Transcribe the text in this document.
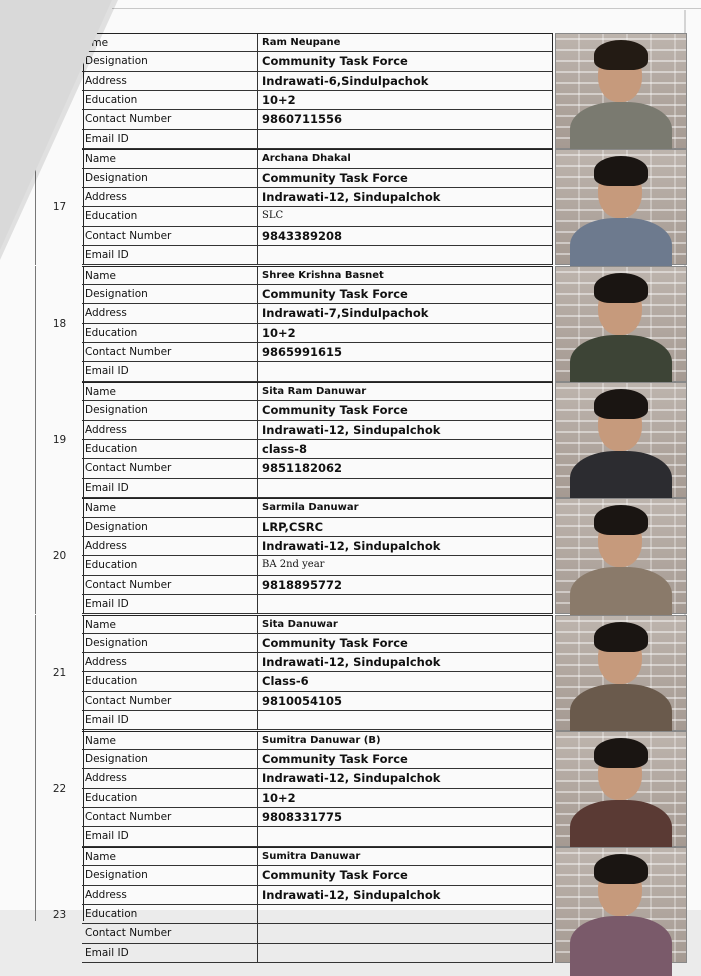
ame	Ram Neupane
Designation	Community Task Force
Address	Indrawati-6,Sindulpachok
Education	10+2
Contact Number	9860711556
Email ID
17
Name	Archana Dhakal
Designation	Community Task Force
Address	Indrawati-12, Sindupalchok
Education	SLC
Contact Number	9843389208
Email ID
18
Name	Shree Krishna Basnet
Designation	Community Task Force
Address	Indrawati-7,Sindulpachok
Education	10+2
Contact Number	9865991615
Email ID
19
Name	Sita Ram Danuwar
Designation	Community Task Force
Address	Indrawati-12, Sindupalchok
Education	class-8
Contact Number	9851182062
Email ID
20
Name	Sarmila Danuwar
Designation	LRP,CSRC
Address	Indrawati-12, Sindupalchok
Education	BA 2nd year
Contact Number	9818895772
Email ID
21
Name	Sita Danuwar
Designation	Community Task Force
Address	Indrawati-12, Sindupalchok
Education	Class-6
Contact Number	9810054105
Email ID
22
Name	Sumitra Danuwar (B)
Designation	Community Task Force
Address	Indrawati-12, Sindupalchok
Education	10+2
Contact Number	9808331775
Email ID
23
Name	Sumitra Danuwar
Designation	Community Task Force
Address	Indrawati-12, Sindupalchok
Education
Contact Number
Email ID
